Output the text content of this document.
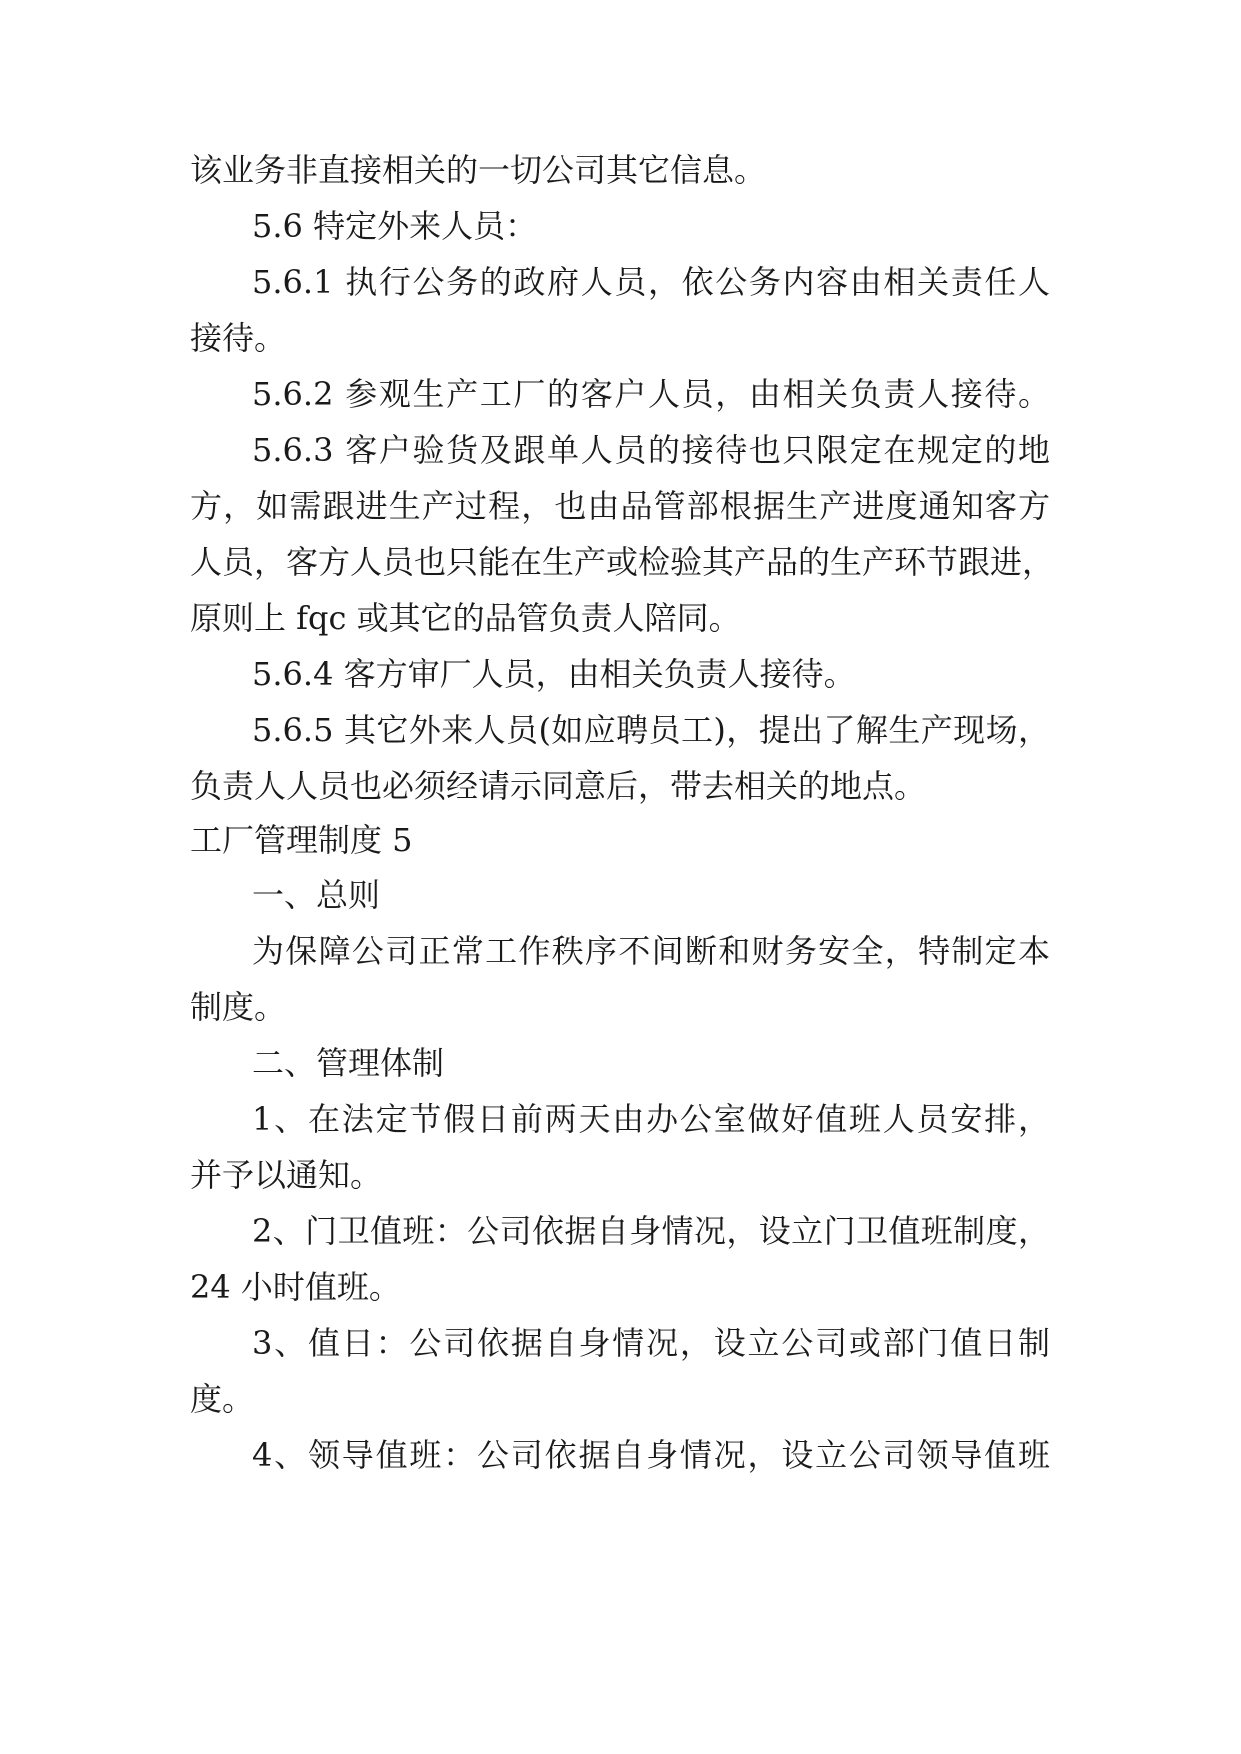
该业务非直接相关的一切公司其它信息。
5.6 特定外来人员：
5.6.1 执行公务的政府人员，依公务内容由相关责任人
接待。
5.6.2 参观生产工厂的客户人员，由相关负责人接待。
5.6.3 客户验货及跟单人员的接待也只限定在规定的地
方，如需跟进生产过程，也由品管部根据生产进度通知客方
人员，客方人员也只能在生产或检验其产品的生产环节跟进，
原则上 fqc 或其它的品管负责人陪同。
5.6.4 客方审厂人员，由相关负责人接待。
5.6.5 其它外来人员(如应聘员工)，提出了解生产现场，
负责人人员也必须经请示同意后，带去相关的地点。
工厂管理制度 5
一、总则
为保障公司正常工作秩序不间断和财务安全，特制定本
制度。
二、管理体制
1、在法定节假日前两天由办公室做好值班人员安排，
并予以通知。
2、门卫值班：公司依据自身情况，设立门卫值班制度，
24 小时值班。
3、值日：公司依据自身情况，设立公司或部门值日制
度。
4、领导值班：公司依据自身情况，设立公司领导值班
